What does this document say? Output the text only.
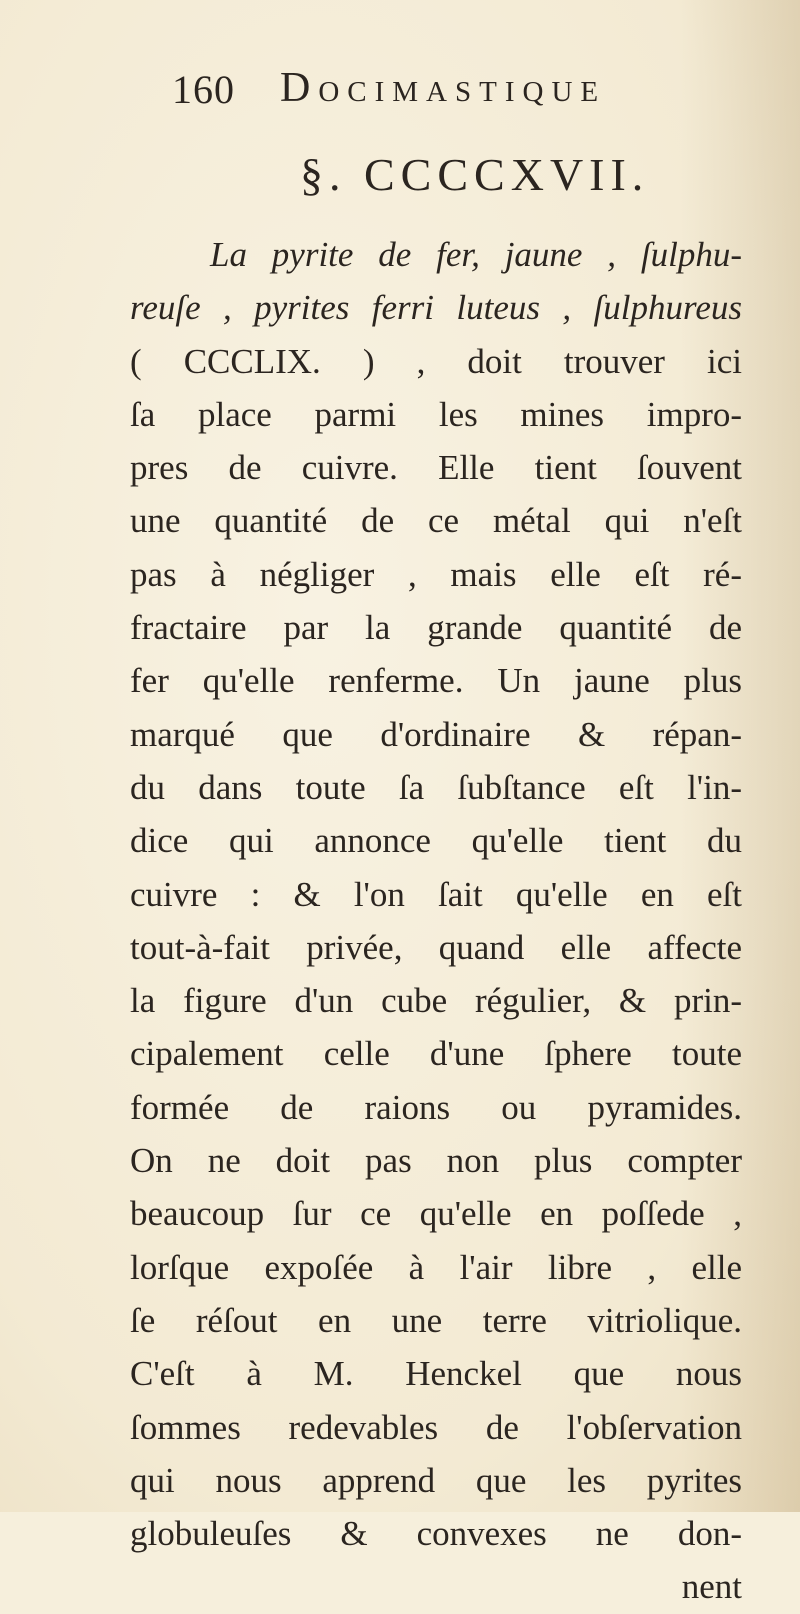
160 Docimastique
§. CCCCXVII.
La pyrite de fer, jaune , ſulphu-
reuſe , pyrites ferri luteus , ſulphureus
( CCCLIX. ) , doit trouver ici
ſa place parmi les mines impro-
pres de cuivre. Elle tient ſouvent
une quantité de ce métal qui n'eſt
pas à négliger , mais elle eſt ré-
fractaire par la grande quantité de
fer qu'elle renferme. Un jaune plus
marqué que d'ordinaire & répan-
du dans toute ſa ſubſtance eſt l'in-
dice qui annonce qu'elle tient du
cuivre : & l'on ſait qu'elle en eſt
tout-à-fait privée, quand elle affecte
la figure d'un cube régulier, & prin-
cipalement celle d'une ſphere toute
formée de raions ou pyramides.
On ne doit pas non plus compter
beaucoup ſur ce qu'elle en poſſede ,
lorſque expoſée à l'air libre , elle
ſe réſout en une terre vitriolique.
C'eſt à M. Henckel que nous
ſommes redevables de l'obſervation
qui nous apprend que les pyrites
globuleuſes & convexes ne don-
nent
